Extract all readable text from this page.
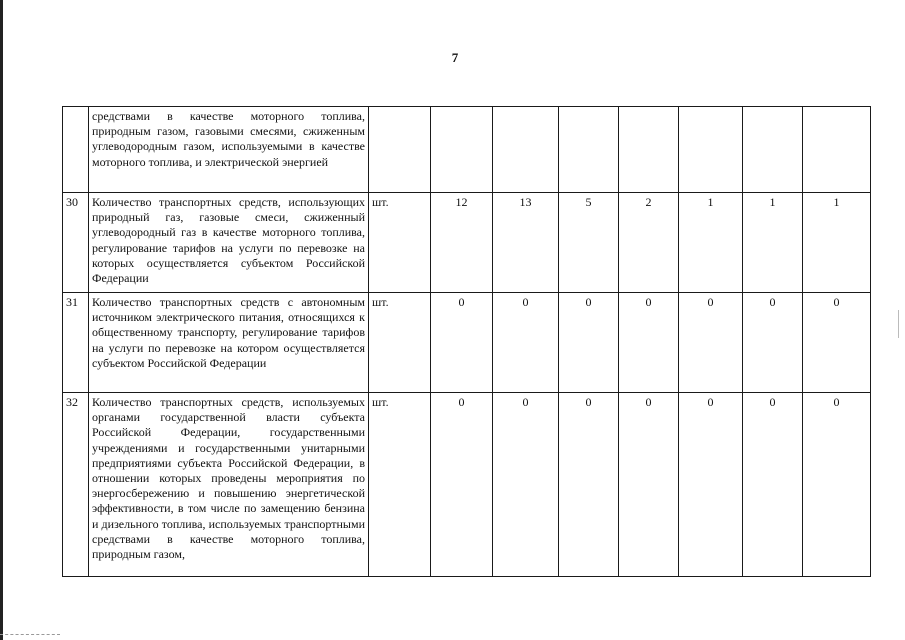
7
	средствами в качестве моторного топлива, природным газом, газовыми смесями, сжиженным углеводородным газом, используемыми в качестве моторного топлива, и электрической энергией								
30	Количество транспортных средств, использующих природный газ, газовые смеси, сжиженный углеводородный газ в качестве моторного топлива, регулирование тарифов на услуги по перевозке на которых осуществляется субъектом Российской Федерации	шт.	12	13	5	2	1	1	1
31	Количество транспортных средств с автономным источником электрического питания, относящихся к общественному транспорту, регулирование тарифов на услуги по перевозке на котором осуществляется субъектом Российской Федерации	шт.	0	0	0	0	0	0	0
32	Количество транспортных средств, используемых органами государственной власти субъекта Российской Федерации, государственными учреждениями и государственными унитарными предприятиями субъекта Российской Федерации, в отношении которых проведены мероприятия по энергосбережению и повышению энергетической эффективности, в том числе по замещению бензина и дизельного топлива, используемых транспортными средствами в качестве моторного топлива, природным газом,	шт.	0	0	0	0	0	0	0
